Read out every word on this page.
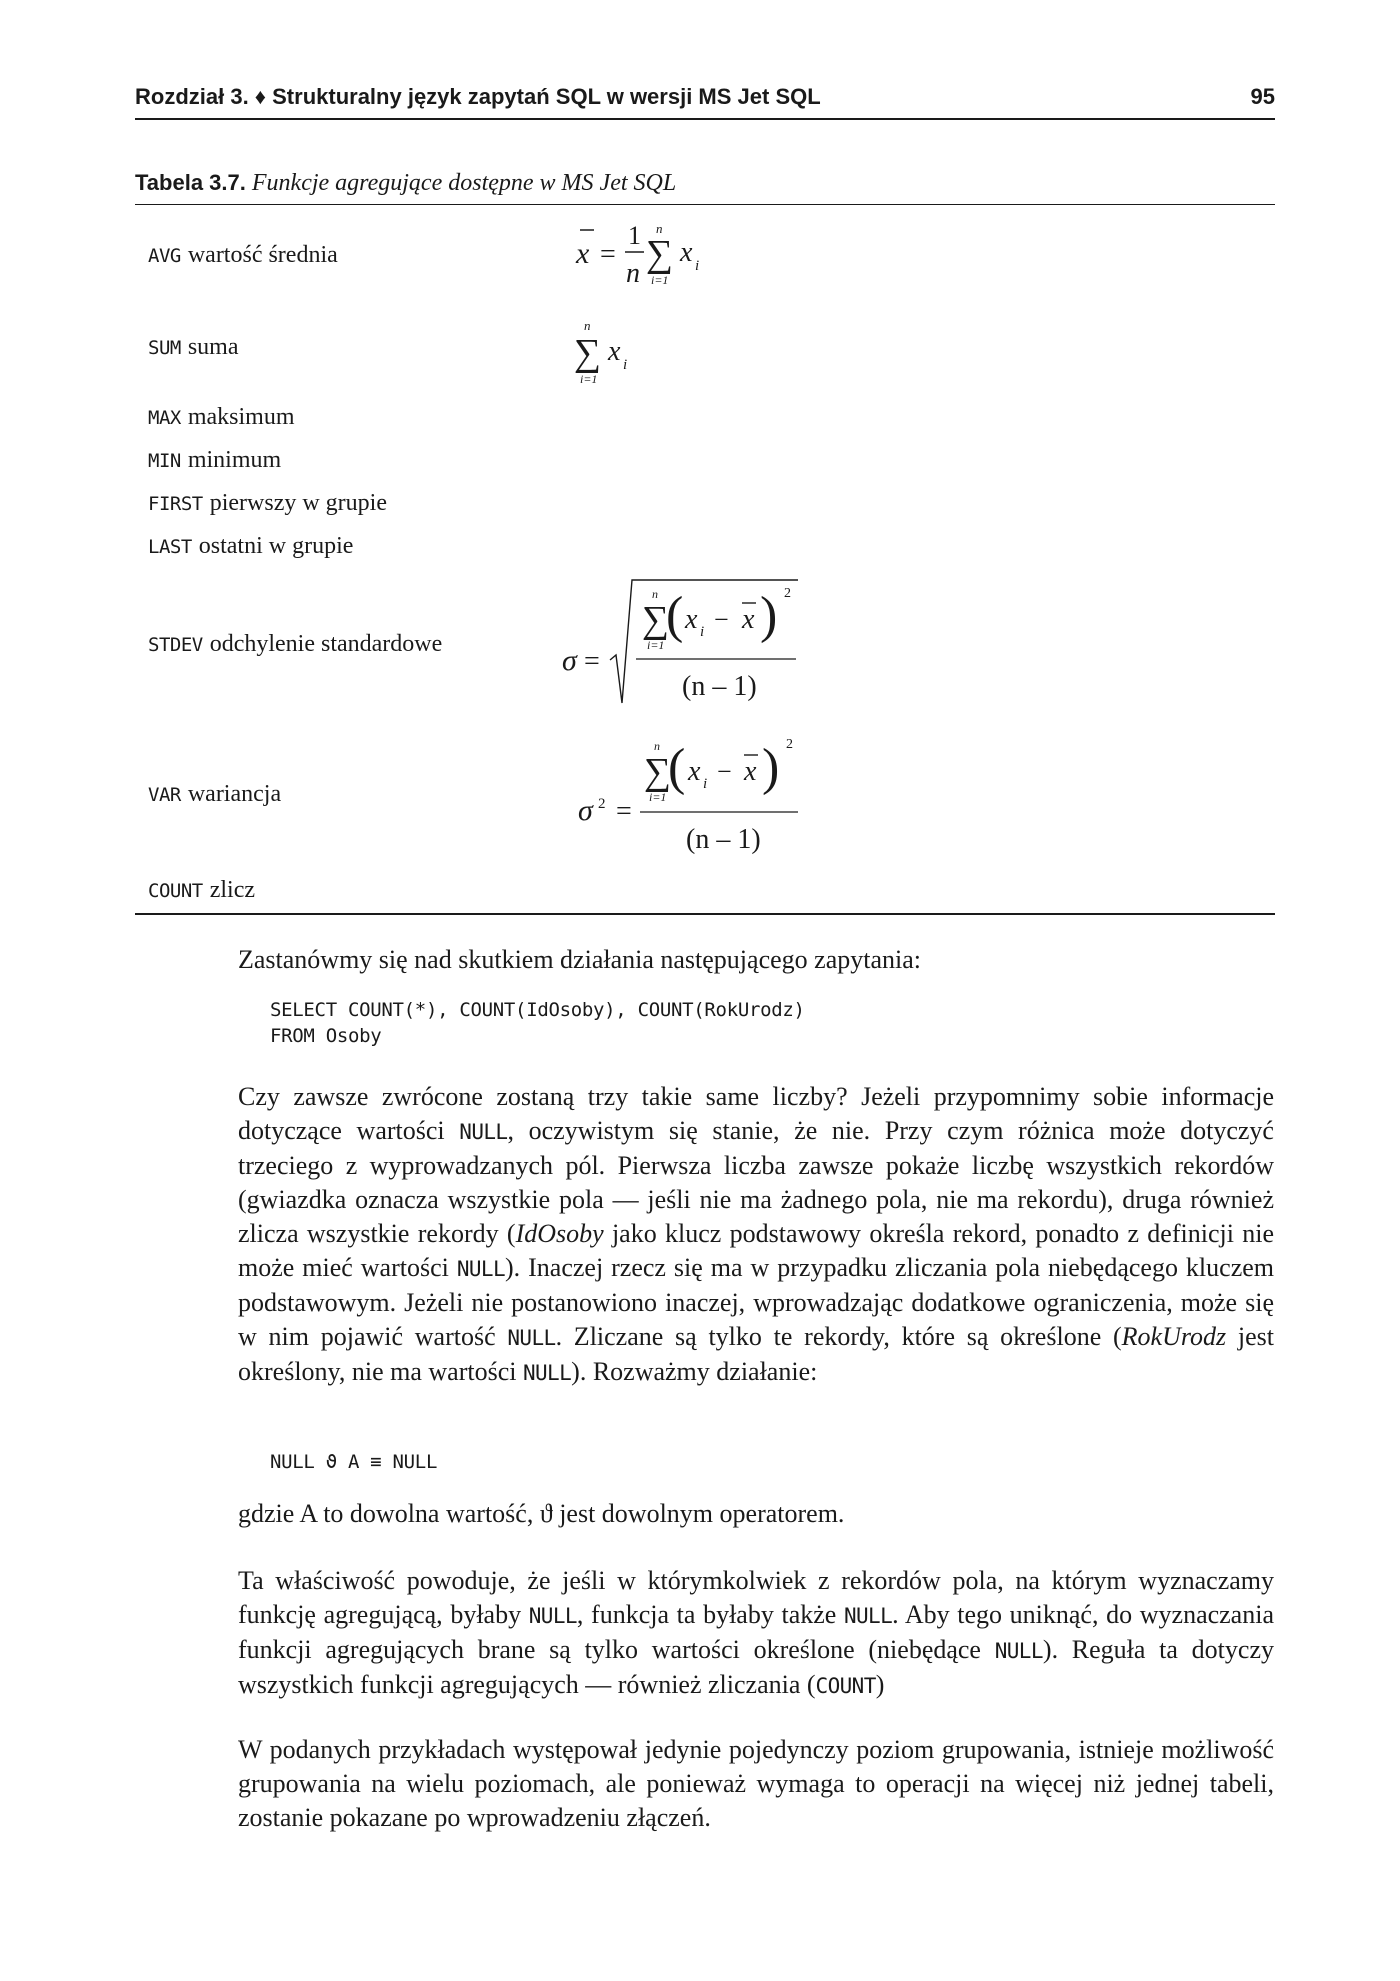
Rozdział 3. ♦ Strukturalny język zapytań SQL w wersji MS Jet SQL	95
Tabela 3.7. Funkcje agregujące dostępne w MS Jet SQL
AVG wartość średnia
SUM suma
MAX maksimum
MIN minimum
FIRST pierwszy w grupie
LAST ostatni w grupie
STDEV odchylenie standardowe
VAR wariancja
COUNT zlicz
x =
1
n
n
∑
i=1
x i
n
∑
i=1
x i
σ =
n
∑
i=1
( x i − x ) 2
(n – 1)
σ 2 =
n
∑
i=1
( x i − x ) 2
(n – 1)
Zastanówmy się nad skutkiem działania następującego zapytania:
SELECT COUNT(*), COUNT(IdOsoby), COUNT(RokUrodz)
FROM Osoby
Czy zawsze zwrócone zostaną trzy takie same liczby? Jeżeli przypomnimy sobie informacje dotyczące wartości NULL, oczywistym się stanie, że nie. Przy czym różnica może dotyczyć trzeciego z wyprowadzanych pól. Pierwsza liczba zawsze pokaże liczbę wszystkich rekordów (gwiazdka oznacza wszystkie pola — jeśli nie ma żadnego pola, nie ma rekordu), druga również zlicza wszystkie rekordy (IdOsoby jako klucz podstawowy określa rekord, ponadto z definicji nie może mieć wartości NULL). Inaczej rzecz się ma w przypadku zliczania pola niebędącego kluczem podstawowym. Jeżeli nie postanowiono inaczej, wprowadzając dodatkowe ograniczenia, może się w nim pojawić wartość NULL. Zliczane są tylko te rekordy, które są określone (RokUrodz jest określony, nie ma wartości NULL). Rozważmy działanie:
NULL ϑ A ≡ NULL
gdzie A to dowolna wartość, ϑ jest dowolnym operatorem.
Ta właściwość powoduje, że jeśli w którymkolwiek z rekordów pola, na którym wyznaczamy funkcję agregującą, byłaby NULL, funkcja ta byłaby także NULL. Aby tego uniknąć, do wyznaczania funkcji agregujących brane są tylko wartości określone (niebędące NULL). Reguła ta dotyczy wszystkich funkcji agregujących — również zliczania (COUNT)
W podanych przykładach występował jedynie pojedynczy poziom grupowania, istnieje możliwość grupowania na wielu poziomach, ale ponieważ wymaga to operacji na więcej niż jednej tabeli, zostanie pokazane po wprowadzeniu złączeń.
